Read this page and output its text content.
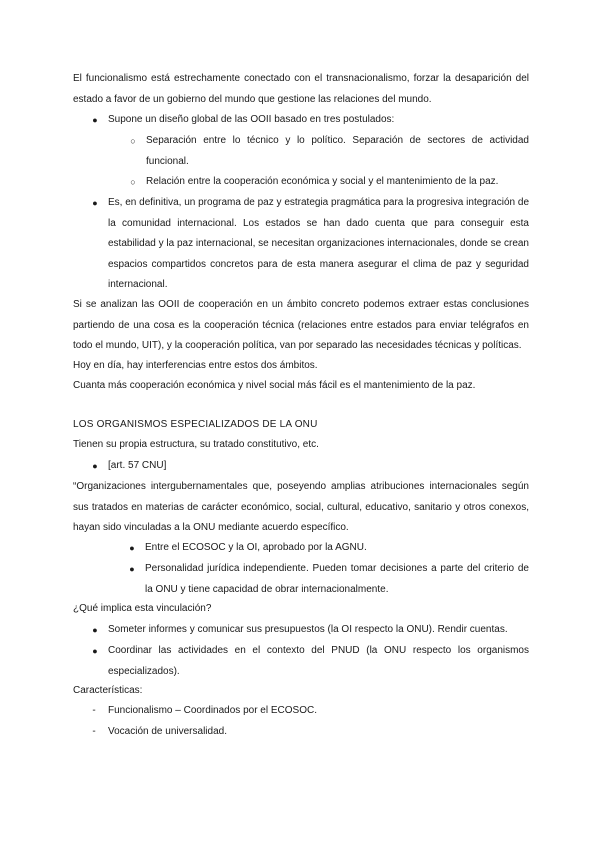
El funcionalismo está estrechamente conectado con el transnacionalismo, forzar la desaparición del estado a favor de un gobierno del mundo que gestione las relaciones del mundo.

● Supone un diseño global de las OOII basado en tres postulados:

○ Separación entre lo técnico y lo político. Separación de sectores de actividad funcional.

○ Relación entre la cooperación económica y social y el mantenimiento de la paz.

● Es, en definitiva, un programa de paz y estrategia pragmática para la progresiva integración de la comunidad internacional. Los estados se han dado cuenta que para conseguir esta estabilidad y la paz internacional, se necesitan organizaciones internacionales, donde se crean espacios compartidos concretos para de esta manera asegurar el clima de paz y seguridad internacional.

Si se analizan las OOII de cooperación en un ámbito concreto podemos extraer estas conclusiones partiendo de una cosa es la cooperación técnica (relaciones entre estados para enviar telégrafos en todo el mundo, UIT), y la cooperación política, van por separado las necesidades técnicas y políticas.

Hoy en día, hay interferencias entre estos dos ámbitos.

Cuanta más cooperación económica y nivel social más fácil es el mantenimiento de la paz.

LOS ORGANISMOS ESPECIALIZADOS DE LA ONU

Tienen su propia estructura, su tratado constitutivo, etc.

● [art. 57 CNU]

“Organizaciones intergubernamentales que, poseyendo amplias atribuciones internacionales según sus tratados en materias de carácter económico, social, cultural, educativo, sanitario y otros conexos, hayan sido vinculadas a la ONU mediante acuerdo específico.

● Entre el ECOSOC y la OI, aprobado por la AGNU.

● Personalidad jurídica independiente. Pueden tomar decisiones a parte del criterio de la ONU y tiene capacidad de obrar internacionalmente.

¿Qué implica esta vinculación?

● Someter informes y comunicar sus presupuestos (la OI respecto la ONU). Rendir cuentas.

● Coordinar las actividades en el contexto del PNUD (la ONU respecto los organismos especializados).

Características:

-	Funcionalismo – Coordinados por el ECOSOC.

-	Vocación de universalidad.
